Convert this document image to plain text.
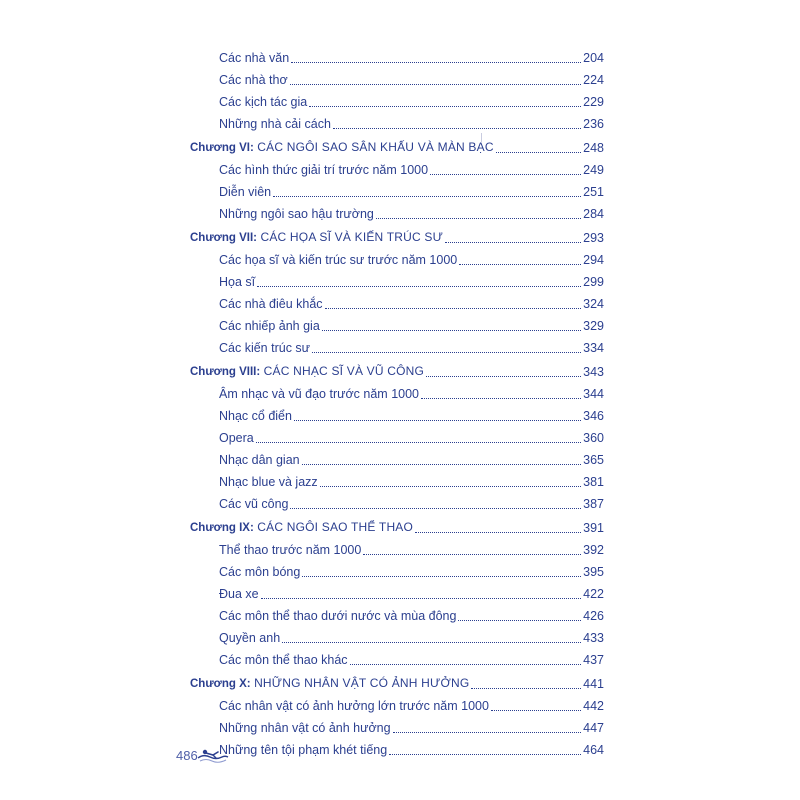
Các nhà văn	204
Các nhà thơ	224
Các kịch tác gia	229
Những nhà cải cách	236
Chương VI: CÁC NGÔI SAO SÂN KHẤU VÀ MÀN BẠC	248
Các hình thức giải trí trước năm 1000	249
Diễn viên	251
Những ngôi sao hậu trường	284
Chương VII: CÁC HỌA SĨ VÀ KIẾN TRÚC SƯ	293
Các họa sĩ và kiến trúc sư trước năm 1000	294
Họa sĩ	299
Các nhà điêu khắc	324
Các nhiếp ảnh gia	329
Các kiến trúc sư	334
Chương VIII: CÁC NHẠC SĨ VÀ VŨ CÔNG	343
Âm nhạc và vũ đạo trước năm 1000	344
Nhạc cổ điển	346
Opera	360
Nhạc dân gian	365
Nhạc blue và jazz	381
Các vũ công	387
Chương IX: CÁC NGÔI SAO THỂ THAO	391
Thể thao trước năm 1000	392
Các môn bóng	395
Đua xe	422
Các môn thể thao dưới nước và mùa đông	426
Quyền anh	433
Các môn thể thao khác	437
Chương X: NHỮNG NHÂN VẬT CÓ ẢNH HƯỞNG	441
Các nhân vật có ảnh hưởng lớn trước năm 1000	442
Những nhân vật có ảnh hưởng	447
Những tên tội phạm khét tiếng	464
486
